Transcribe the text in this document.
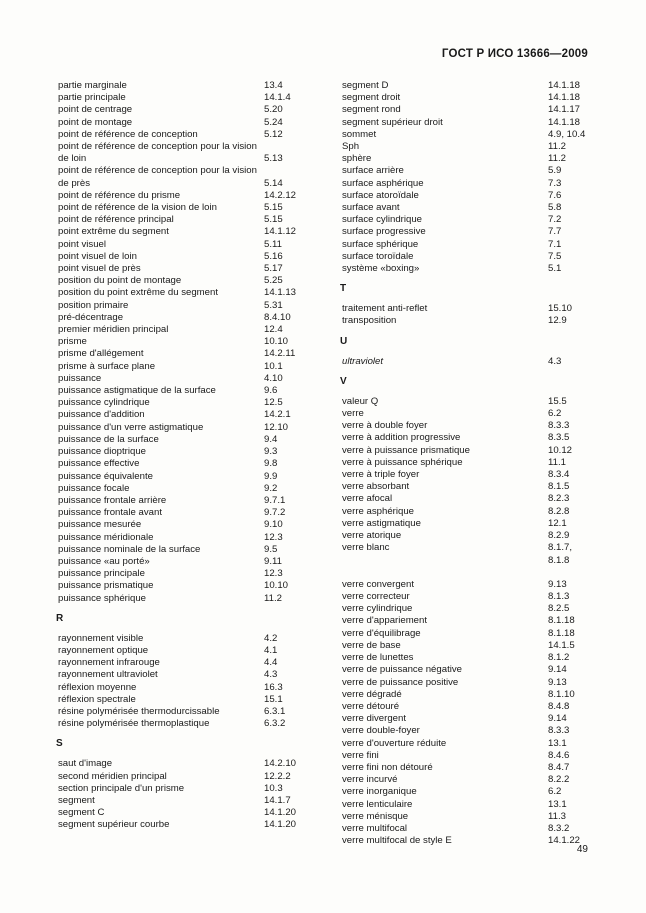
ГОСТ Р ИСО 13666—2009
partie marginale	13.4
partie principale	14.1.4
point de centrage	5.20
point de montage	5.24
point de référence de conception	5.12
point de référence de conception pour la vision de loin	5.13
point de référence de conception pour la vision de près	5.14
point de référence du prisme	14.2.12
point de référence de la vision de loin	5.15
point de référence principal	5.15
point extrême du segment	14.1.12
point visuel	5.11
point visuel de loin	5.16
point visuel de près	5.17
position du point de montage	5.25
position du point extrême du segment	14.1.13
position primaire	5.31
pré-décentrage	8.4.10
premier méridien principal	12.4
prisme	10.10
prisme d'allégement	14.2.11
prisme à surface plane	10.1
puissance	4.10
puissance astigmatique de la surface	9.6
puissance cylindrique	12.5
puissance d'addition	14.2.1
puissance d'un verre astigmatique	12.10
puissance de la surface	9.4
puissance dioptrique	9.3
puissance effective	9.8
puissance équivalente	9.9
puissance focale	9.2
puissance frontale arrière	9.7.1
puissance frontale avant	9.7.2
puissance mesurée	9.10
puissance méridionale	12.3
puissance nominale de la surface	9.5
puissance «au porté»	9.11
puissance principale	12.3
puissance prismatique	10.10
puissance sphérique	11.2
R
rayonnement visible	4.2
rayonnement optique	4.1
rayonnement infrarouge	4.4
rayonnement ultraviolet	4.3
réflexion moyenne	16.3
réflexion spectrale	15.1
résine polymérisée thermodurcissable	6.3.1
résine polymérisée thermoplastique	6.3.2
S
saut d'image	14.2.10
second méridien principal	12.2.2
section principale d'un prisme	10.3
segment	14.1.7
segment C	14.1.20
segment supérieur courbe	14.1.20
segment D	14.1.18
segment droit	14.1.18
segment rond	14.1.17
segment supérieur droit	14.1.18
sommet	4.9, 10.4
Sph	11.2
sphère	11.2
surface arrière	5.9
surface asphérique	7.3
surface atoroïdale	7.6
surface avant	5.8
surface cylindrique	7.2
surface progressive	7.7
surface sphérique	7.1
surface toroïdale	7.5
système «boxing»	5.1
T
traitement anti-reflet	15.10
transposition	12.9
U
ultraviolet	4.3
V
valeur Q	15.5
verre	6.2
verre à double foyer	8.3.3
verre à addition progressive	8.3.5
verre à puissance prismatique	10.12
verre à puissance sphérique	11.1
verre à triple foyer	8.3.4
verre absorbant	8.1.5
verre afocal	8.2.3
verre asphérique	8.2.8
verre astigmatique	12.1
verre atorique	8.2.9
verre blanc	8.1.7,
8.1.8
verre convergent	9.13
verre correcteur	8.1.3
verre cylindrique	8.2.5
verre d'appariement	8.1.18
verre d'équilibrage	8.1.18
verre de base	14.1.5
verre de lunettes	8.1.2
verre de puissance négative	9.14
verre de puissance positive	9.13
verre dégradé	8.1.10
verre détouré	8.4.8
verre divergent	9.14
verre double-foyer	8.3.3
verre d'ouverture réduite	13.1
verre fini	8.4.6
verre fini non détouré	8.4.7
verre incurvé	8.2.2
verre inorganique	6.2
verre lenticulaire	13.1
verre ménisque	11.3
verre multifocal	8.3.2
verre multifocal de style E	14.1.22
49
